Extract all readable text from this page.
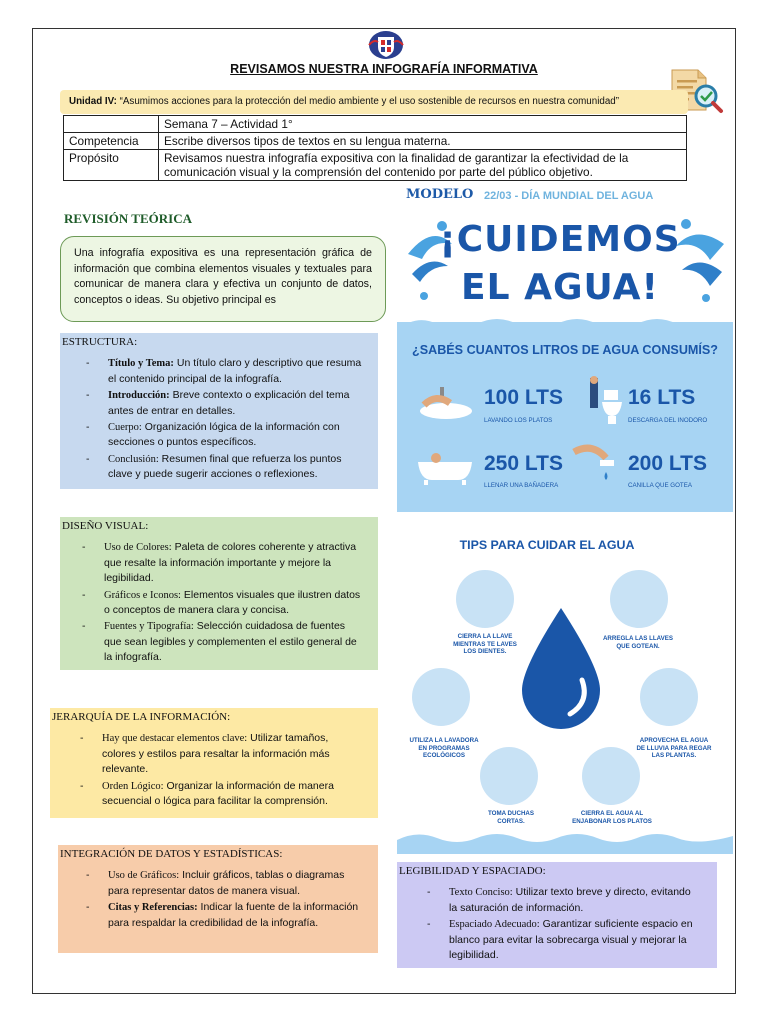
REVISAMOS NUESTRA INFOGRAFÍA INFORMATIVA
Unidad IV: “Asumimos acciones para la protección del medio ambiente y el uso sostenible de recursos en nuestra comunidad”
	Semana 7 – Actividad 1°
Competencia	Escribe diversos tipos de textos en su lengua materna.
Propósito	Revisamos nuestra infografía expositiva con la finalidad de garantizar la efectividad de la comunicación visual y la comprensión del contenido por parte del público objetivo.
REVISIÓN TEÓRICA
Una infografía expositiva es una representación gráfica de información que combina elementos visuales y textuales para comunicar de manera clara y efectiva un conjunto de datos, conceptos o ideas. Su objetivo principal es
ESTRUCTURA:
- Título y Tema: Un título claro y descriptivo que resuma el contenido principal de la infografía.
- Introducción: Breve contexto o explicación del tema antes de entrar en detalles.
- Cuerpo: Organización lógica de la información con secciones o puntos específicos.
- Conclusión: Resumen final que refuerza los puntos clave y puede sugerir acciones o reflexiones.
DISEÑO VISUAL:
- Uso de Colores: Paleta de colores coherente y atractiva que resalte la información importante y mejore la legibilidad.
- Gráficos e Iconos: Elementos visuales que ilustren datos o conceptos de manera clara y concisa.
- Fuentes y Tipografía: Selección cuidadosa de fuentes que sean legibles y complementen el estilo general de la infografía.
JERARQUÍA DE LA INFORMACIÓN:
- Hay que destacar elementos clave: Utilizar tamaños, colores y estilos para resaltar la información más relevante.
- Orden Lógico: Organizar la información de manera secuencial o lógica para facilitar la comprensión.
INTEGRACIÓN DE DATOS Y ESTADÍSTICAS:
- Uso de Gráficos: Incluir gráficos, tablas o diagramas para representar datos de manera visual.
- Citas y Referencias: Indicar la fuente de la información para respaldar la credibilidad de la infografía.
MODELO 22/03 - DÍA MUNDIAL DEL AGUA
¡CUIDEMOS
EL AGUA!
¿SABÉS CUANTOS LITROS DE AGUA CONSUMÍS?
100 LTS
LAVANDO LOS PLATOS
16 LTS
DESCARGA DEL INODORO
250 LTS
LLENAR UNA BAÑADERA
200 LTS
CANILLA QUE GOTEA
TIPS PARA CUIDAR EL AGUA
CIERRA LA LLAVE MIENTRAS TE LAVES LOS DIENTES.
ARREGLA LAS LLAVES QUE GOTEAN.
UTILIZA LA LAVADORA EN PROGRAMAS ECOLÓGICOS
APROVECHA EL AGUA DE LLUVIA PARA REGAR LAS PLANTAS.
TOMA DUCHAS CORTAS.
CIERRA EL AGUA AL ENJABONAR LOS PLATOS
LEGIBILIDAD Y ESPACIADO:
- Texto Conciso: Utilizar texto breve y directo, evitando la saturación de información.
- Espaciado Adecuado: Garantizar suficiente espacio en blanco para evitar la sobrecarga visual y mejorar la legibilidad.
